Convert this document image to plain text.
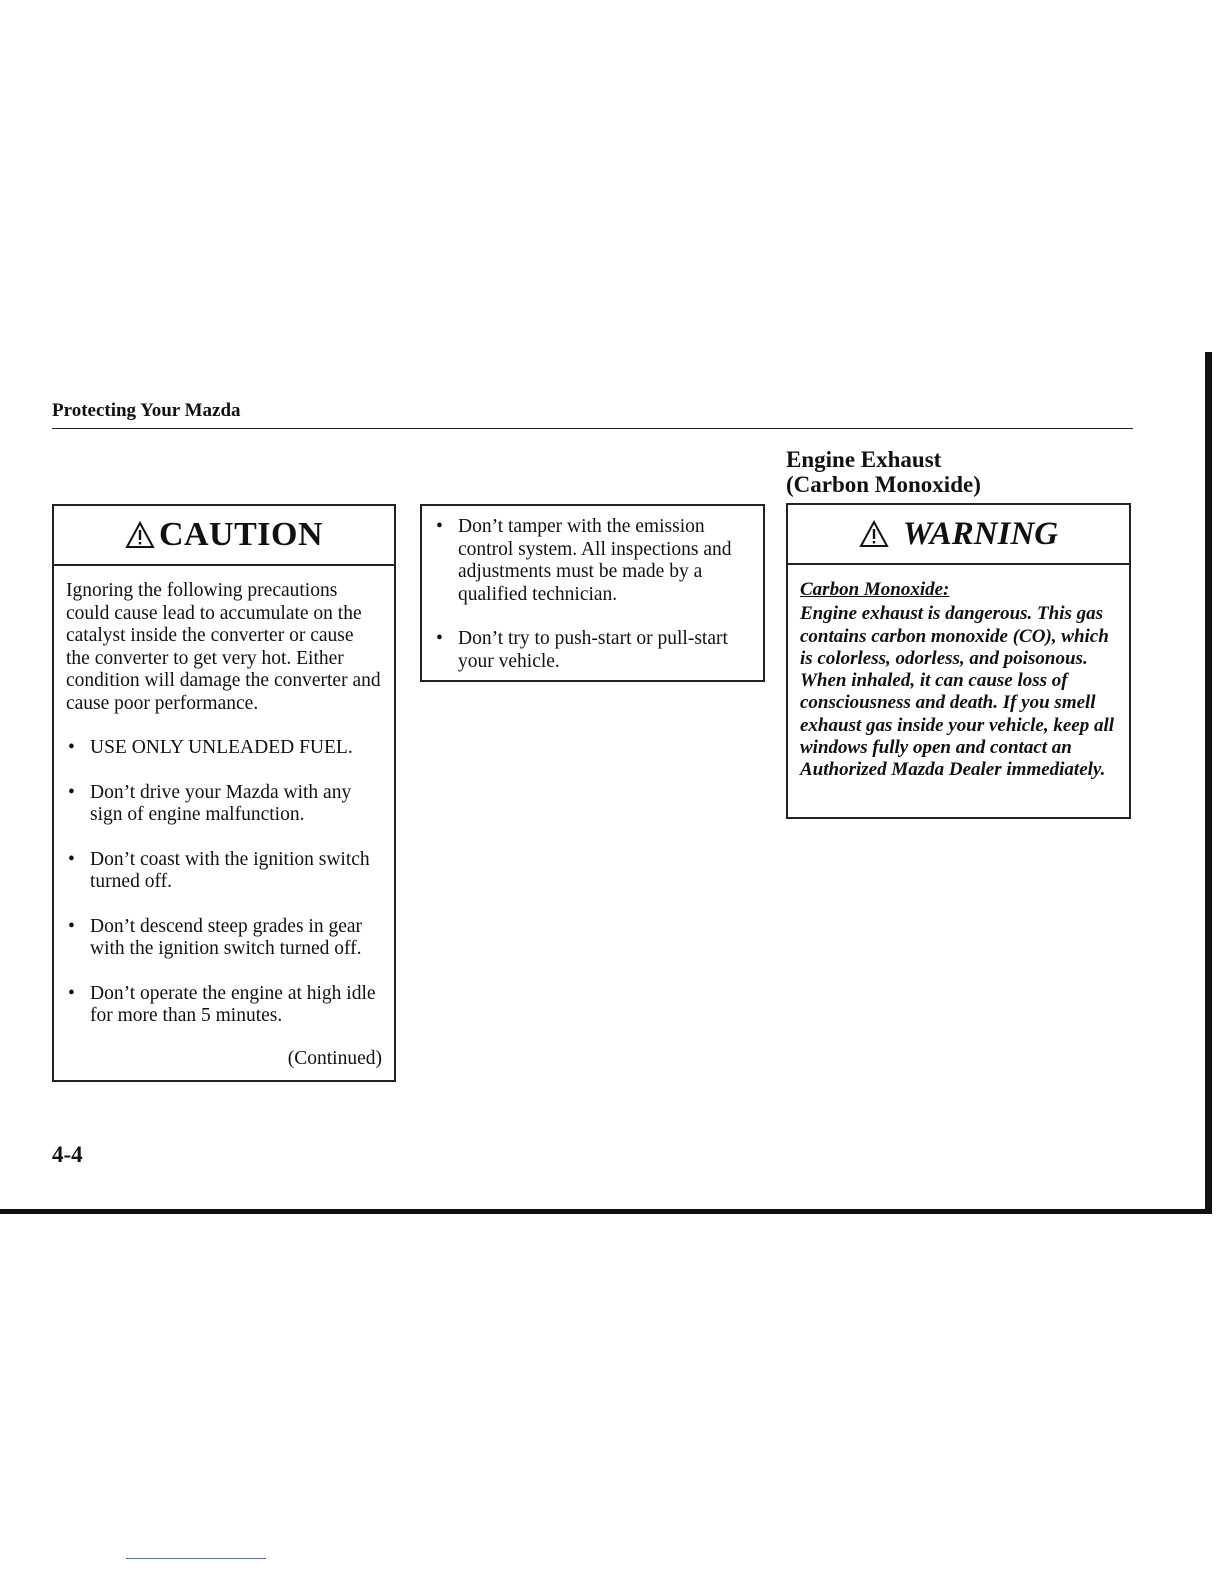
Protecting Your Mazda
CAUTION

Ignoring the following precautions could cause lead to accumulate on the catalyst inside the converter or cause the converter to get very hot. Either condition will damage the converter and cause poor performance.

• USE ONLY UNLEADED FUEL.
• Don’t drive your Mazda with any sign of engine malfunction.
• Don’t coast with the ignition switch turned off.
• Don’t descend steep grades in gear with the ignition switch turned off.
• Don’t operate the engine at high idle for more than 5 minutes.
(Continued)
• Don’t tamper with the emission control system. All inspections and adjustments must be made by a qualified technician.
• Don’t try to push-start or pull-start your vehicle.
Engine Exhaust
(Carbon Monoxide)
WARNING
Carbon Monoxide:
Engine exhaust is dangerous. This gas contains carbon monoxide (CO), which is colorless, odorless, and poisonous. When inhaled, it can cause loss of consciousness and death. If you smell exhaust gas inside your vehicle, keep all windows fully open and contact an Authorized Mazda Dealer immediately.
4-4
